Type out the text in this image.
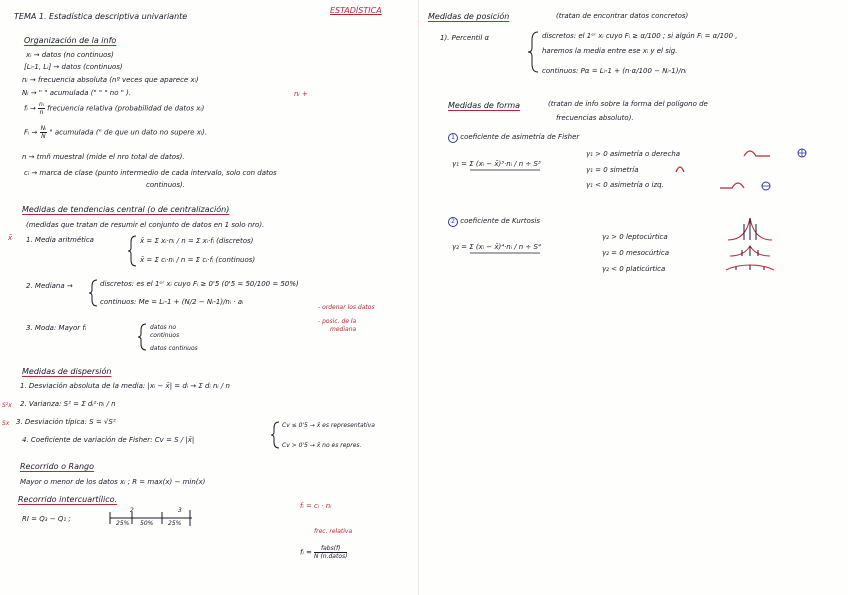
TEMA 1. Estadística descriptiva univariante
ESTADÍSTICA
Organización de la info
xᵢ → datos (no continuos)
[Lᵢ-1, Lᵢ] → datos (continuos)
nᵢ → frecuencia absoluta (nº veces que aparece xᵢ)
Nᵢ → " " acumulada (" " " no " ).	nᵢ +
fᵢ → $\frac{\text{nᵢ}}{n}$ frecuencia relativa (probabilidad de datos xᵢ)
Fᵢ → $\frac{\text{Nᵢ}}{N}$ " acumulada (" de que un dato no supere xᵢ).
n → tmñ muestral (mide el nro total de datos).
cᵢ → marca de clase (punto intermedio de cada intervalo, solo con datos
continuos).
Medidas de tendencias central (o de centralización)
(medidas que tratan de resumir el conjunto de datos en 1 solo nro).
x̄ 1. Media aritmética	x̄ = Σ xᵢ·nᵢ / n = Σ xᵢ·fᵢ (discretos)
x̄ = Σ cᵢ·nᵢ / n = Σ cᵢ·fᵢ (continuos)
2. Mediana →	discretos: es el 1ᵉʳ xᵢ cuyo Fᵢ ≥ 0'5 (0'5 = 50/100 = 50%)
continuos: Me = Lᵢ-1 + (N/2 − Nᵢ-1)/nᵢ · aᵢ
- ordenar los datos
- posic. de la
mediana
3. Moda: Mayor fᵢ	datos no
continuos
datos continuos
Medidas de dispersión
1. Desviación absoluta de la media: |xᵢ − x̄| = dᵢ → Σ dᵢ nᵢ / n
S²x 2. Varianza: S² = Σ dᵢ²·nᵢ / n
Sx 3. Desviación típica: S = √S²
4. Coeficiente de variación de Fisher: Cv = S / |x̄|
Cv ≤ 0'5 → x̄ es representativa
Cv > 0'5 → x̄ no es repres.
Recorrido o Rango
Mayor o menor de los datos xᵢ ; R = max(x) − min(x)
Recorrido intercuartílico.
RI = Q₃ − Q₁ ;
2	3
25% 50% 25%
fᵢ = cᵢ · nᵢ
frec. relativa
fᵢ = $\frac{\text{fabs(f)}}{\text{N (n.datos)}}$
Medidas de posición	(tratan de encontrar datos concretos)
1). Percentil α	discretos: el 1ᵉʳ xᵢ cuyo Fᵢ ≥ α/100 ; si algún Fᵢ = α/100 ,
haremos la media entre ese xᵢ y el sig.
continuos: Pα = Lᵢ-1 + (n·α/100 − Nᵢ-1)/nᵢ
Medidas de forma	(tratan de info sobre la forma del polígono de
frecuencias absoluto).
1 coeficiente de asimetría de Fisher
γ₁ = Σ (xᵢ − x̄)³·nᵢ / n ÷ S³
γ₁ > 0 asimetría o derecha
γ₁ = 0 simetría
γ₁ < 0 asimetría o izq.
2 coeficiente de Kurtosis
γ₂ = Σ (xᵢ − x̄)⁴·nᵢ / n ÷ S⁴
γ₂ > 0 leptocúrtica
γ₂ = 0 mesocúrtica
γ₂ < 0 platicúrtica
